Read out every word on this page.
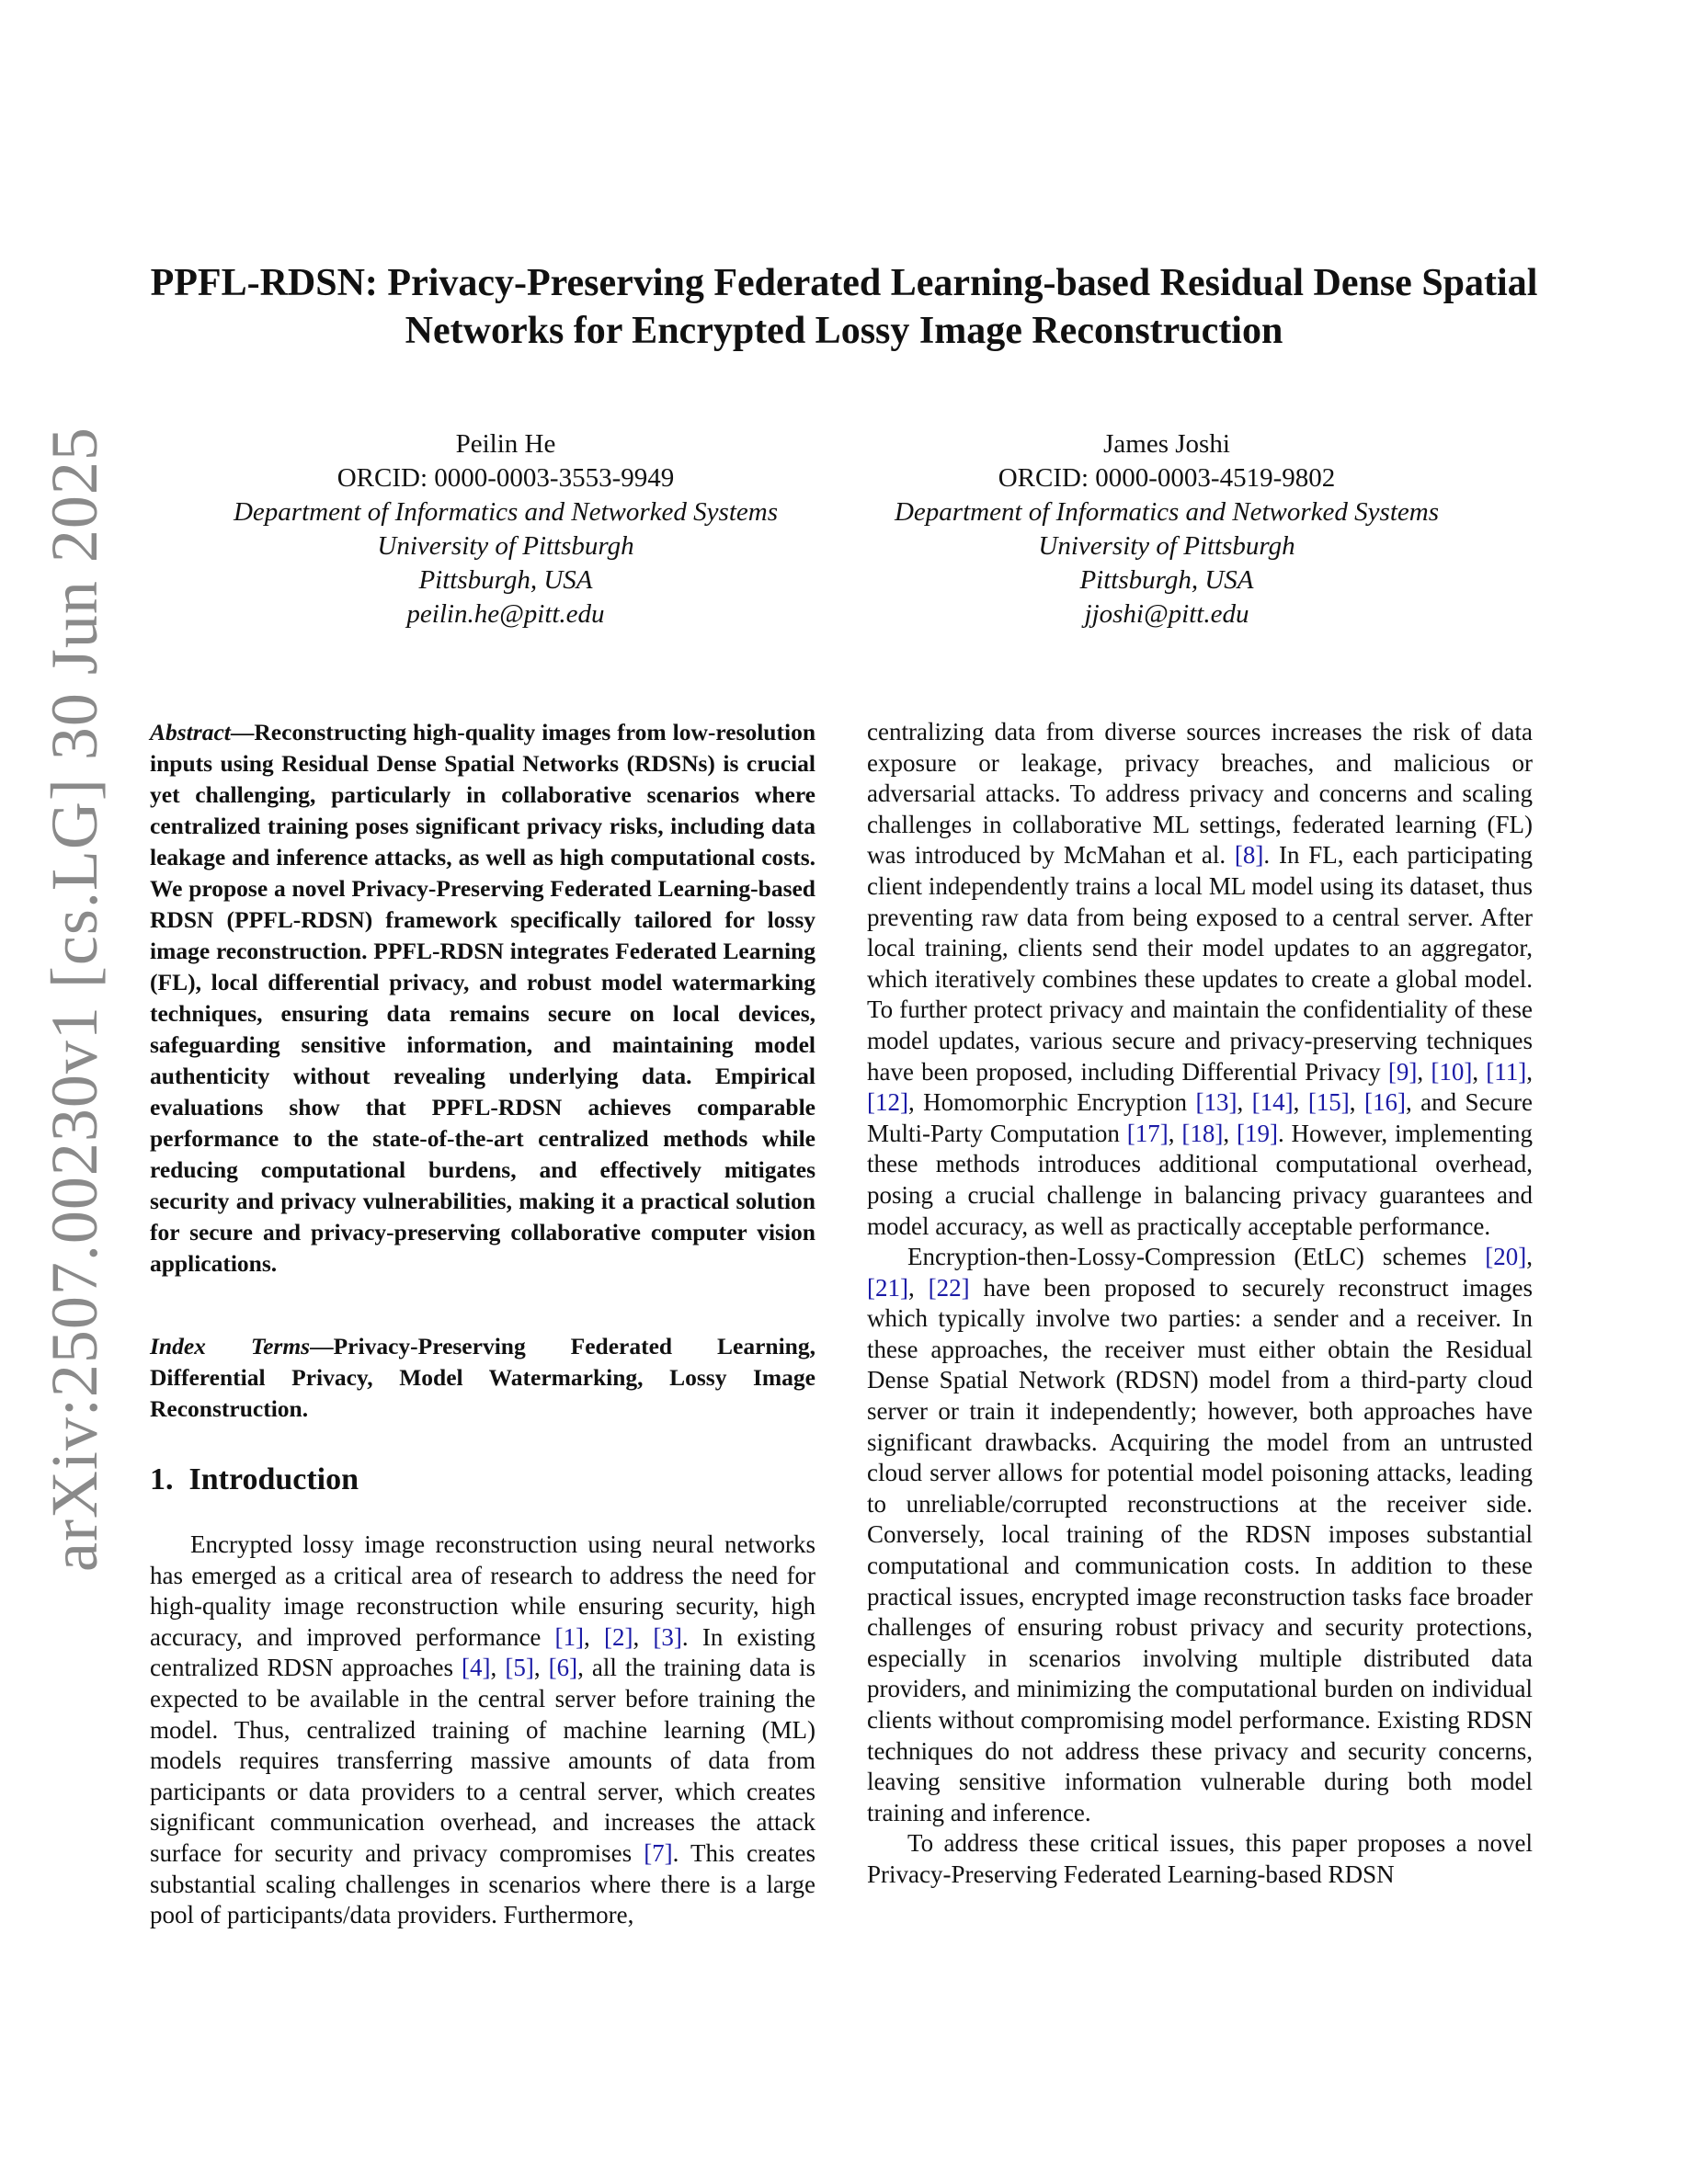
arXiv:2507.00230v1 [cs.LG] 30 Jun 2025
PPFL-RDSN: Privacy-Preserving Federated Learning-based Residual Dense Spatial
Networks for Encrypted Lossy Image Reconstruction
Peilin He
ORCID: 0000-0003-3553-9949
Department of Informatics and Networked Systems
University of Pittsburgh
Pittsburgh, USA
peilin.he@pitt.edu
James Joshi
ORCID: 0000-0003-4519-9802
Department of Informatics and Networked Systems
University of Pittsburgh
Pittsburgh, USA
jjoshi@pitt.edu

Abstract—Reconstructing high-quality images from low-resolution inputs using Residual Dense Spatial Networks (RDSNs) is crucial yet challenging, particularly in collaborative scenarios where centralized training poses significant privacy risks, including data leakage and inference attacks, as well as high computational costs. We propose a novel Privacy-Preserving Federated Learning-based RDSN (PPFL-RDSN) framework specifically tailored for lossy image reconstruction. PPFL-RDSN integrates Federated Learning (FL), local differential privacy, and robust model watermarking techniques, ensuring data remains secure on local devices, safeguarding sensitive information, and maintaining model authenticity without revealing underlying data. Empirical evaluations show that PPFL-RDSN achieves comparable performance to the state-of-the-art centralized methods while reducing computational burdens, and effectively mitigates security and privacy vulnerabilities, making it a practical solution for secure and privacy-preserving collaborative computer vision applications.

Index Terms—Privacy-Preserving Federated Learning, Differential Privacy, Model Watermarking, Lossy Image Reconstruction.

1. Introduction

Encrypted lossy image reconstruction using neural networks has emerged as a critical area of research to address the need for high-quality image reconstruction while ensuring security, high accuracy, and improved performance [1], [2], [3]. In existing centralized RDSN approaches [4], [5], [6], all the training data is expected to be available in the central server before training the model. Thus, centralized training of machine learning (ML) models requires transferring massive amounts of data from participants or data providers to a central server, which creates significant communication overhead, and increases the attack surface for security and privacy compromises [7]. This creates substantial scaling challenges in scenarios where there is a large pool of participants/data providers. Furthermore,

centralizing data from diverse sources increases the risk of data exposure or leakage, privacy breaches, and malicious or adversarial attacks. To address privacy and concerns and scaling challenges in collaborative ML settings, federated learning (FL) was introduced by McMahan et al. [8]. In FL, each participating client independently trains a local ML model using its dataset, thus preventing raw data from being exposed to a central server. After local training, clients send their model updates to an aggregator, which iteratively combines these updates to create a global model. To further protect privacy and maintain the confidentiality of these model updates, various secure and privacy-preserving techniques have been proposed, including Differential Privacy [9], [10], [11], [12], Homomorphic Encryption [13], [14], [15], [16], and Secure Multi-Party Computation [17], [18], [19]. However, implementing these methods introduces additional computational overhead, posing a crucial challenge in balancing privacy guarantees and model accuracy, as well as practically acceptable performance.

Encryption-then-Lossy-Compression (EtLC) schemes [20], [21], [22] have been proposed to securely reconstruct images which typically involve two parties: a sender and a receiver. In these approaches, the receiver must either obtain the Residual Dense Spatial Network (RDSN) model from a third-party cloud server or train it independently; however, both approaches have significant drawbacks. Acquiring the model from an untrusted cloud server allows for potential model poisoning attacks, leading to unreliable/corrupted reconstructions at the receiver side. Conversely, local training of the RDSN imposes substantial computational and communication costs. In addition to these practical issues, encrypted image reconstruction tasks face broader challenges of ensuring robust privacy and security protections, especially in scenarios involving multiple distributed data providers, and minimizing the computational burden on individual clients without compromising model performance. Existing RDSN techniques do not address these privacy and security concerns, leaving sensitive information vulnerable during both model training and inference.

To address these critical issues, this paper proposes a novel Privacy-Preserving Federated Learning-based RDSN
